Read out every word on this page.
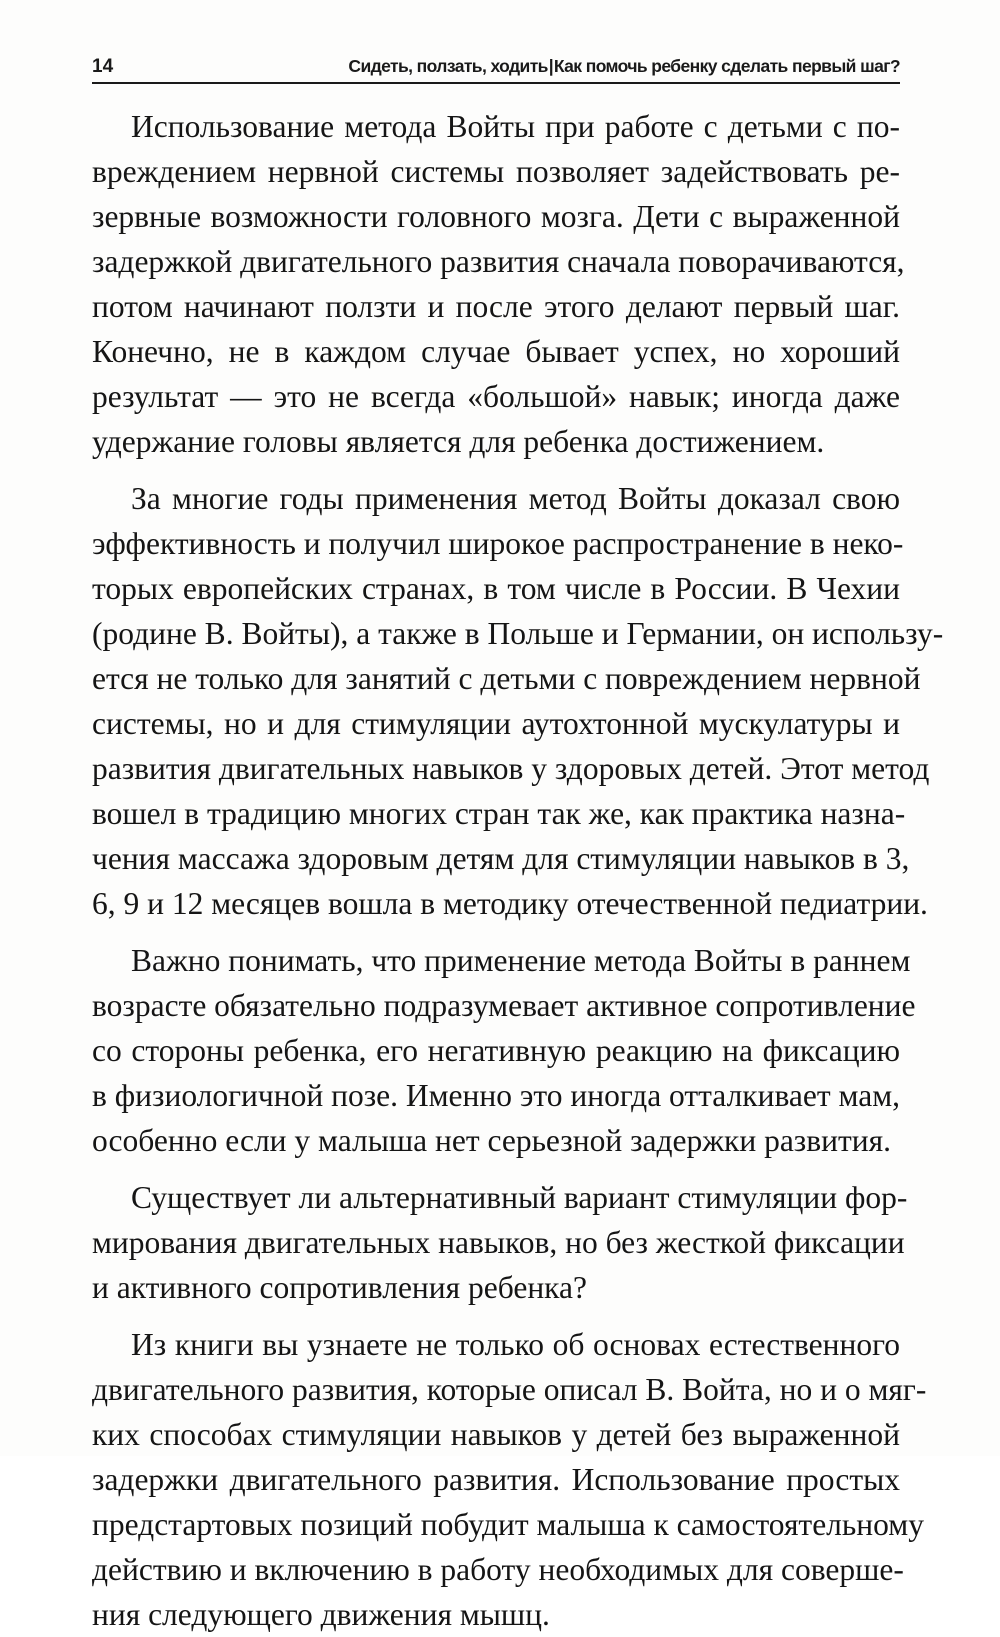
14	Сидеть, ползать, ходить | Как помочь ребенку сделать первый шаг?
Использование метода Войты при работе с детьми с по-
вреждением нервной системы позволяет задействовать ре-
зервные возможности головного мозга. Дети с выраженной
задержкой двигательного развития сначала поворачиваются,
потом начинают ползти и после этого делают первый шаг.
Конечно, не в каждом случае бывает успех, но хороший
результат — это не всегда «большой» навык; иногда даже
удержание головы является для ребенка достижением.
За многие годы применения метод Войты доказал свою
эффективность и получил широкое распространение в неко-
торых европейских странах, в том числе в России. В Чехии
(родине В. Войты), а также в Польше и Германии, он использу-
ется не только для занятий с детьми с повреждением нервной
системы, но и для стимуляции аутохтонной мускулатуры и
развития двигательных навыков у здоровых детей. Этот метод
вошел в традицию многих стран так же, как практика назна-
чения массажа здоровым детям для стимуляции навыков в 3,
6, 9 и 12 месяцев вошла в методику отечественной педиатрии.
Важно понимать, что применение метода Войты в раннем
возрасте обязательно подразумевает активное сопротивление
со стороны ребенка, его негативную реакцию на фиксацию
в физиологичной позе. Именно это иногда отталкивает мам,
особенно если у малыша нет серьезной задержки развития.
Существует ли альтернативный вариант стимуляции фор-
мирования двигательных навыков, но без жесткой фиксации
и активного сопротивления ребенка?
Из книги вы узнаете не только об основах естественного
двигательного развития, которые описал В. Войта, но и о мяг-
ких способах стимуляции навыков у детей без выраженной
задержки двигательного развития. Использование простых
предстартовых позиций побудит малыша к самостоятельному
действию и включению в работу необходимых для соверше-
ния следующего движения мышц.
